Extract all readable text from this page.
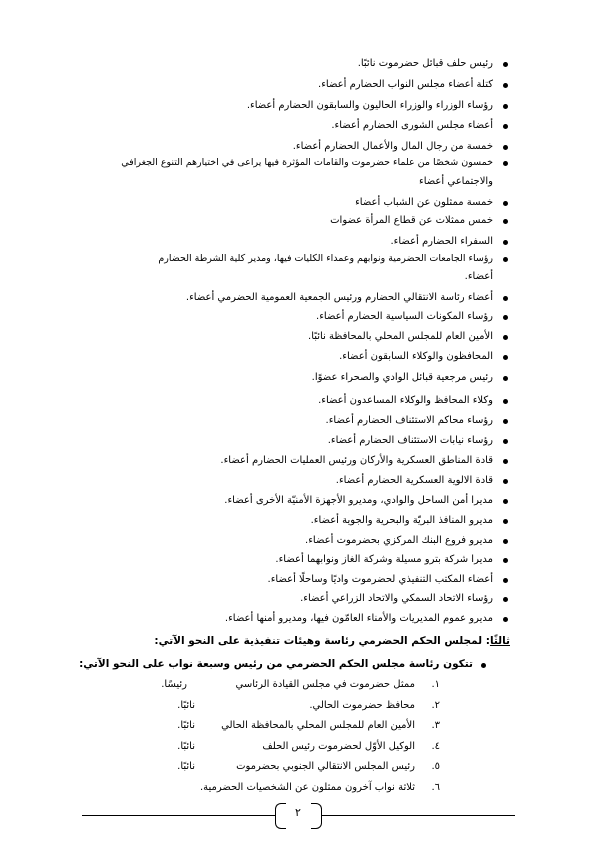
رئيس حلف قبائل حضرموت نائبًا.
كتلة أعضاء مجلس النواب الحضارم أعضاء.
رؤساء الوزراء والوزراء الحاليون والسابقون الحضارم أعضاء.
أعضاء مجلس الشورى الحضارم أعضاء.
خمسة من رجال المال والأعمال الحضارم أعضاء.
خمسون شخصًا من علماء حضرموت والقامات المؤثرة فيها يراعى في اختيارهم التنوع الجغرافي
والاجتماعي أعضاء
خمسة ممثلون عن الشباب أعضاء
خمس ممثلات عن قطاع المرأة عضوات
السفراء الحضارم أعضاء.
رؤساء الجامعات الحضرمية ونوابهم وعمداء الكليات فيها، ومدير كلية الشرطة الحضارم
أعضاء.
أعضاء رئاسة الانتقالي الحضارم ورئيس الجمعية العمومية الحضرمي أعضاء.
رؤساء المكونات السياسية الحضارم أعضاء.
الأمين العام للمجلس المحلي بالمحافظة نائبًا.
المحافظون والوكلاء السابقون أعضاء.
رئيس مرجعية قبائل الوادي والصحراء عضوًا.
وكلاء المحافظ والوكلاء المساعدون أعضاء.
رؤساء محاكم الاستئناف الحضارم أعضاء.
رؤساء نيابات الاستئناف الحضارم أعضاء.
قادة المناطق العسكرية والأركان ورئيس العمليات الحضارم أعضاء.
قادة الالوية العسكرية الحضارم أعضاء.
مديرا أمن الساحل والوادي، ومديرو الأجهزة الأمنيّة الأخرى أعضاء.
مديرو المنافذ البريّة والبحرية والجوية أعضاء.
مديرو فروع البنك المركزي بحضرموت أعضاء.
مديرا شركة بترو مسيلة وشركة الغاز ونوابهما أعضاء.
أعضاء المكتب التنفيذي لحضرموت واديًا وساحلًا أعضاء.
رؤساء الاتحاد السمكي والاتحاد الزراعي أعضاء.
مديرو عموم المديريات والأمناء العامّون فيها، ومديرو أمنها أعضاء.
ثالثًا: لمجلس الحكم الحضرمي رئاسة وهيئات تنفيذية على النحو الآتي:
تتكون رئاسة مجلس الحكم الحضرمي من رئيس وسبعة نواب على النحو الآتي:
١.
ممثل حضرموت في مجلس القيادة الرئاسي
رئيسًا.
٢.
محافظ حضرموت الحالي.
نائبًا.
٣.
الأمين العام للمجلس المحلي بالمحافظة الحالي
نائبًا.
٤.
الوكيل الأوّل لحضرموت رئيس الحلف
نائبًا.
٥.
رئيس المجلس الانتقالي الجنوبي بحضرموت
نائبًا.
٦.
ثلاثة نواب آخرون ممثلون عن الشخصيات الحضرمية.
٢
